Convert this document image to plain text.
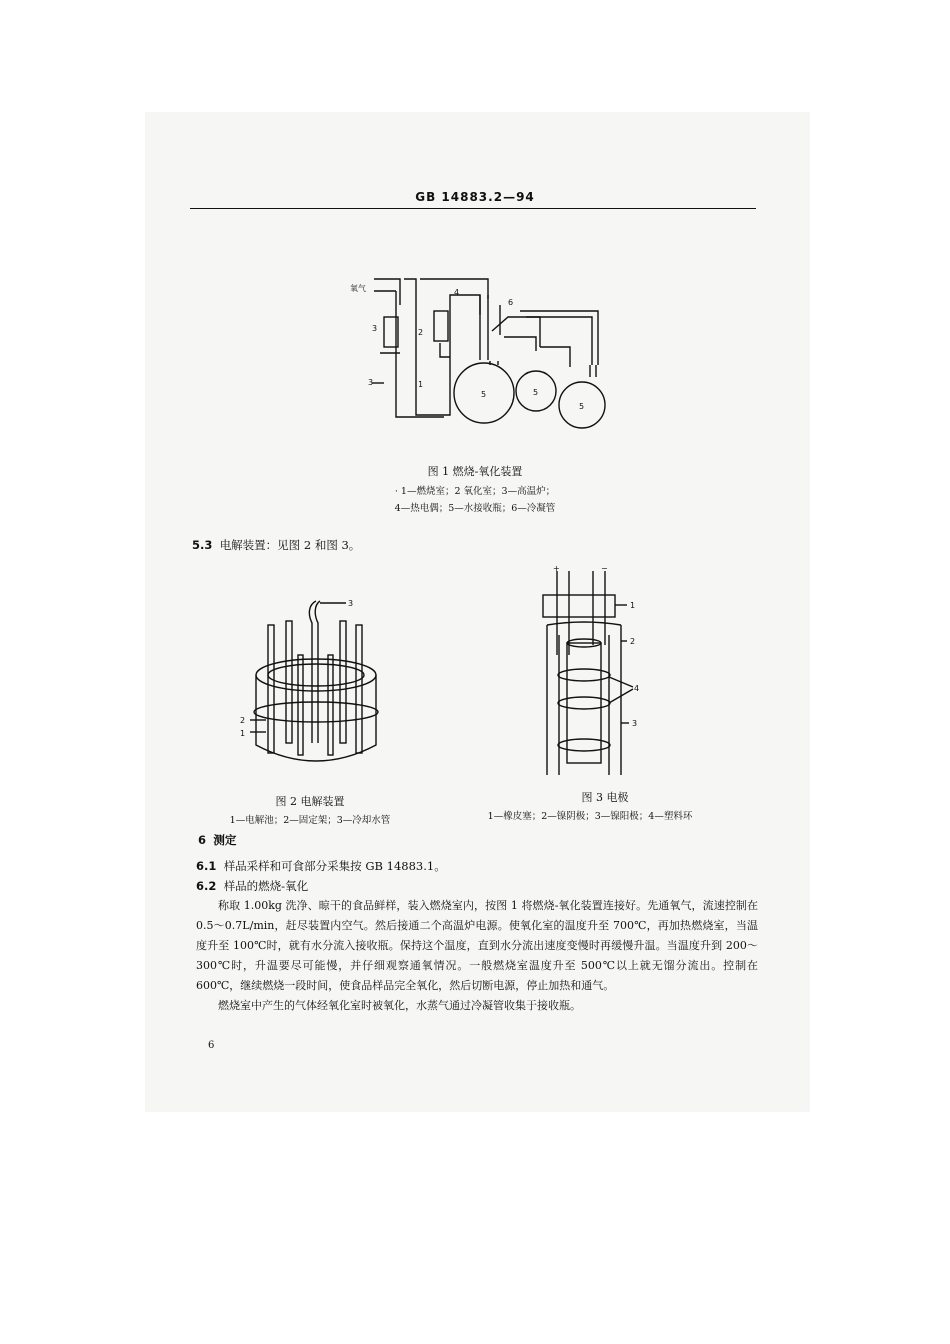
GB 14883.2—94
氧气
3
3
2
1
4
6
5	5
5
图 1 燃烧-氧化装置
· 1—燃烧室；2 氧化室；3—高温炉；
4—热电偶；5—水接收瓶；6—冷凝管
5.3 电解装置：见图 2 和图 3。
3
2
1
图 2 电解装置
1—电解池；2—固定架；3—冷却水管
+	−
1
2
4
3
图 3 电极
1—橡皮塞；2—镍阴极；3—镍阳极；4—塑料环
6 测定
6.1 样品采样和可食部分采集按 GB 14883.1。
6.2 样品的燃烧-氧化
称取 1.00kg 洗净、晾干的食品鲜样，装入燃烧室内，按图 1 将燃烧-氧化装置连接好。先通氧气，流速控制在 0.5～0.7L/min，赶尽装置内空气。然后接通二个高温炉电源。使氧化室的温度升至 700℃，再加热燃烧室，当温度升至 100℃时，就有水分流入接收瓶。保持这个温度，直到水分流出速度变慢时再缓慢升温。当温度升到 200～300℃时，升温要尽可能慢，并仔细观察通氧情况。一般燃烧室温度升至 500℃以上就无馏分流出。控制在 600℃，继续燃烧一段时间，使食品样品完全氧化，然后切断电源，停止加热和通气。
燃烧室中产生的气体经氧化室时被氧化，水蒸气通过冷凝管收集于接收瓶。
6
